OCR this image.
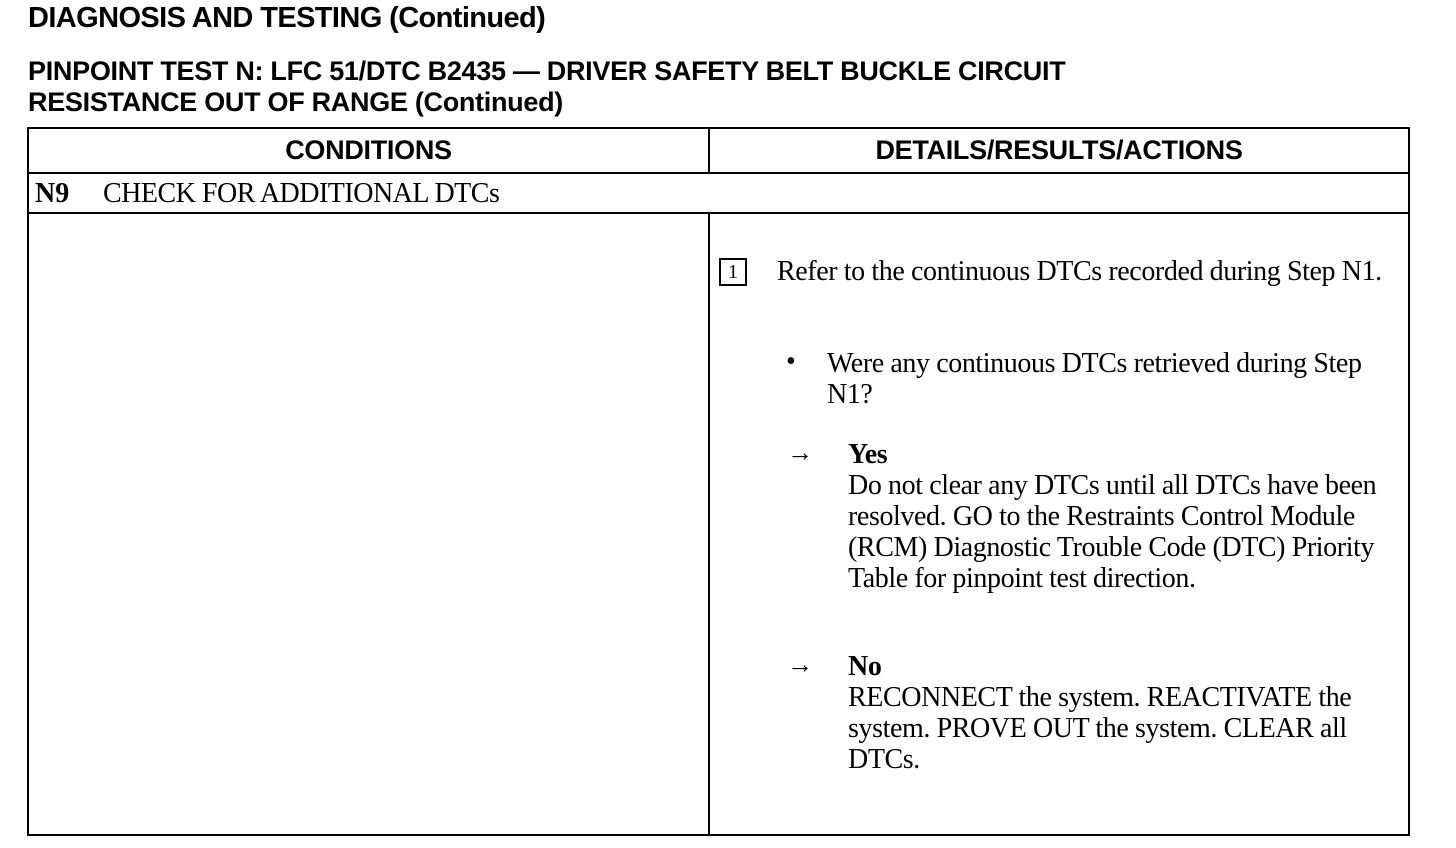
DIAGNOSIS AND TESTING (Continued)
PINPOINT TEST N: LFC 51/DTC B2435 — DRIVER SAFETY BELT BUCKLE CIRCUIT
RESISTANCE OUT OF RANGE (Continued)
CONDITIONS	DETAILS/RESULTS/ACTIONS
N9 CHECK FOR ADDITIONAL DTCs
1	Refer to the continuous DTCs recorded during Step N1.
• Were any continuous DTCs retrieved during Step N1?
→ Yes
Do not clear any DTCs until all DTCs have been resolved. GO to the Restraints Control Module (RCM) Diagnostic Trouble Code (DTC) Priority Table for pinpoint test direction.
→ No
RECONNECT the system. REACTIVATE the system. PROVE OUT the system. CLEAR all DTCs.
